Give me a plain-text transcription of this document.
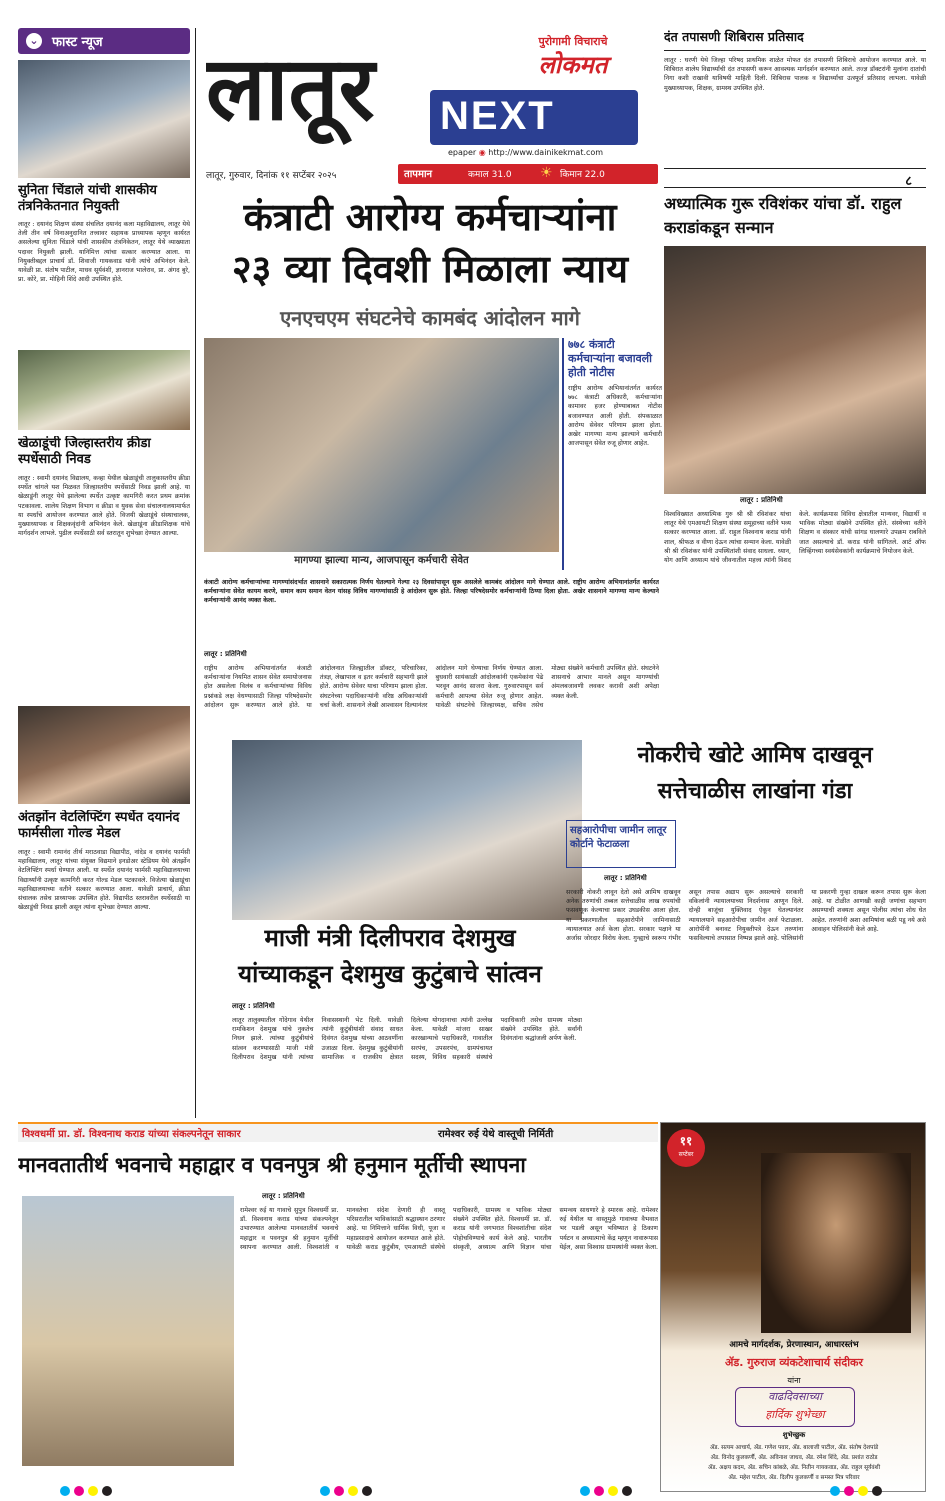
⌄ फास्ट न्यूज
सुनिता चिंडाले यांची शासकीय तंत्रनिकेतनात नियुक्ती
लातूर : दयानंद शिक्षण संस्था संचलित दयानंद कला महाविद्यालय, लातूर येथे तेली तीन वर्ष विनाअनुदानित तत्त्वावर सहायक प्राध्यापक म्हणून कार्यरत असलेल्या सुनिता चिंडाले यांची शासकीय तंत्रनिकेतन, लातूर येथे व्याख्याता पदावर नियुक्ती झाली. यानिमित्त त्यांचा सत्कार करण्यात आला. या नियुक्तीबद्दल प्राचार्य डॉ. शिवाजी गायकवाड यांनी त्यांचे अभिनंदन केले. यावेळी प्रा. संतोष पाटील, माधव सूर्यवंशी, ज्ञानराज भालेराव, प्रा. अंगद बुरे, प्रा. कोरे, प्रा. मोहिनी शिंदे आदी उपस्थित होते.
खेळाडूंची जिल्हास्तरीय क्रीडा स्पर्धेसाठी निवड
लातूर : स्वामी दयानंद विद्यालय, कव्हा येथील खेळाडूंची तालुकास्तरीय क्रीडा स्पर्धेत चांगले यश मिळवत जिल्हास्तरीय स्पर्धेसाठी निवड झाली आहे. या खेळाडूंनी लातूर येथे झालेल्या स्पर्धेत उत्कृष्ट कामगिरी करत प्रथम क्रमांक पटकावला. शालेय शिक्षण विभाग व क्रीडा व युवक सेवा संचालनालयामार्फत या स्पर्धांचे आयोजन करण्यात आले होते. विजयी खेळाडूंचे संस्थाचालक, मुख्याध्यापक व शिक्षकवृंदांनी अभिनंदन केले. खेळाडूंना क्रीडाशिक्षक यांचे मार्गदर्शन लाभले. पुढील स्पर्धेसाठी सर्व स्तरातून शुभेच्छा देण्यात आल्या.
अंतर्झोन वेटलिफ्टिंग स्पर्धेत दयानंद फार्मसीला गोल्ड मेडल
लातूर : स्वामी रामानंद तीर्थ मराठवाडा विद्यापीठ, नांदेड व दयानंद फार्मसी महाविद्यालय, लातूर यांच्या संयुक्त विद्यमाने इनडोअर स्टेडियम येथे अंतर्झोन वेटलिफ्टिंग स्पर्धा घेण्यात आली. या स्पर्धेत दयानंद फार्मसी महाविद्यालयाच्या विद्यार्थ्यांनी उत्कृष्ट कामगिरी करत गोल्ड मेडल पटकावले. विजेत्या खेळाडूंचा महाविद्यालयाच्या वतीने सत्कार करण्यात आला. यावेळी प्राचार्य, क्रीडा संचालक तसेच प्राध्यापक उपस्थित होते. विद्यापीठ स्तरावरील स्पर्धेसाठी या खेळाडूंची निवड झाली असून त्यांना शुभेच्छा देण्यात आल्या.
लातूर	पुरोगामी विचाराचे
लोकमत
NEXT
epaper ◉ http://www.dainikekmat.com
लातूर, गुरुवार, दिनांक ११ सप्टेंबर २०२५	तापमान	कमाल 31.0 ☀ किमान 22.0
दंत तपासणी शिबिरास प्रतिसाद
लातूर : घरणी येथे जिल्हा परिषद प्राथमिक शाळेत मोफत दंत तपासणी शिबिराचे आयोजन करण्यात आले. या शिबिरात शालेय विद्यार्थ्यांची दंत तपासणी करून आवश्यक मार्गदर्शन करण्यात आले. तज्ज्ञ डॉक्टरांनी मुलांना दातांची निगा कशी राखावी याविषयी माहिती दिली. शिबिरास पालक व विद्यार्थ्यांचा उत्स्फूर्त प्रतिसाद लाभला. यावेळी मुख्याध्यापक, शिक्षक, ग्रामस्थ उपस्थित होते.
८
कंत्राटी आरोग्य कर्मचाऱ्यांना
२३ व्या दिवशी मिळाला न्याय
एनएचएम संघटनेचे कामबंद आंदोलन मागे
मागण्या झाल्या मान्य, आजपासून कर्मचारी सेवेत
७७८ कंत्राटी कर्मचाऱ्यांना बजावली होती नोटीस
राष्ट्रीय आरोग्य अभियानांतर्गत कार्यरत ७७८ कंत्राटी अधिकारी, कर्मचाऱ्यांना कामावर हजर होण्याबाबत नोटीस बजावण्यात आली होती. संपकाळात आरोग्य सेवेवर परिणाम झाला होता. अखेर मागण्या मान्य झाल्याने कर्मचारी आजपासून सेवेत रुजू होणार आहेत.
कंत्राटी आरोग्य कर्मचाऱ्यांच्या मागण्यांसंदर्भात शासनाने सकारात्मक निर्णय घेतल्याने गेल्या २३ दिवसांपासून सुरू असलेले कामबंद आंदोलन मागे घेण्यात आले. राष्ट्रीय आरोग्य अभियानांतर्गत कार्यरत कर्मचाऱ्यांना सेवेत कायम करणे, समान काम समान वेतन यांसह विविध मागण्यांसाठी हे आंदोलन सुरू होते. जिल्हा परिषदेसमोर कर्मचाऱ्यांनी ठिय्या दिला होता. अखेर शासनाने मागण्या मान्य केल्याने कर्मचाऱ्यांनी आनंद व्यक्त केला.
लातूर : प्रतिनिधी
राष्ट्रीय आरोग्य अभियानांतर्गत कंत्राटी कर्मचाऱ्यांना नियमित शासन सेवेत समायोजनास होत असलेला विलंब व कर्मचाऱ्यांच्या विविध प्रश्नांकडे लक्ष वेधण्यासाठी जिल्हा परिषदेसमोर आंदोलन सुरू करण्यात आले होते. या आंदोलनात जिल्ह्यातील डॉक्टर, परिचारिका, तंत्रज्ञ, लेखापाल व इतर कर्मचारी सहभागी झाले होते. आरोग्य सेवेवर याचा परिणाम झाला होता. संघटनेच्या पदाधिकाऱ्यांनी वरिष्ठ अधिकाऱ्यांशी चर्चा केली. शासनाने लेखी आश्वासन दिल्यानंतर आंदोलन मागे घेण्याचा निर्णय घेण्यात आला. बुधवारी सायंकाळी आंदोलकांनी एकमेकांना पेढे भरवून आनंद साजरा केला. गुरुवारपासून सर्व कर्मचारी आपल्या सेवेत रुजू होणार आहेत. यावेळी संघटनेचे जिल्हाध्यक्ष, सचिव तसेच मोठ्या संख्येने कर्मचारी उपस्थित होते. संघटनेने शासनाचे आभार मानले असून मागण्यांची अंमलबजावणी लवकर करावी अशी अपेक्षा व्यक्त केली.
अध्यात्मिक गुरू रविशंकर यांचा डॉ. राहुल कराडांकडून सन्मान
लातूर : प्रतिनिधी
विश्वविख्यात अध्यात्मिक गुरु श्री श्री रविशंकर यांचा लातूर येथे एमआयटी शिक्षण संस्था समूहाच्या वतीने भव्य सत्कार करण्यात आला. डॉ. राहुल विश्वनाथ कराड यांनी शाल, श्रीफळ व वीणा देऊन त्यांचा सन्मान केला. यावेळी श्री श्री रविशंकर यांनी उपस्थितांशी संवाद साधला. ध्यान, योग आणि अध्यात्म यांचे जीवनातील महत्त्व त्यांनी विशद केले. कार्यक्रमास विविध क्षेत्रातील मान्यवर, विद्यार्थी व भाविक मोठ्या संख्येने उपस्थित होते. संस्थेच्या वतीने शिक्षण व संस्कार यांची सांगड घालणारे उपक्रम राबविले जात असल्याचे डॉ. कराड यांनी सांगितले. आर्ट ऑफ लिव्हिंगच्या स्वयंसेवकांनी कार्यक्रमाचे नियोजन केले.
माजी मंत्री दिलीपराव देशमुख
यांच्याकडून देशमुख कुटुंबाचे सांत्वन
लातूर : प्रतिनिधी
लातूर तालुक्यातील गोंदेगाव येथील रामकिशन देशमुख यांचे नुकतेच निधन झाले. त्यांच्या कुटुंबीयांचे सांत्वन करण्यासाठी माजी मंत्री दिलीपराव देशमुख यांनी त्यांच्या निवासस्थानी भेट दिली. यावेळी त्यांनी कुटुंबीयांशी संवाद साधत दिवंगत देशमुख यांच्या आठवणींना उजाळा दिला. देशमुख कुटुंबीयांनी सामाजिक व राजकीय क्षेत्रात दिलेल्या योगदानाचा त्यांनी उल्लेख केला. यावेळी मांजरा साखर कारखान्याचे पदाधिकारी, गावातील सरपंच, उपसरपंच, ग्रामपंचायत सदस्य, विविध सहकारी संस्थांचे पदाधिकारी तसेच ग्रामस्थ मोठ्या संख्येने उपस्थित होते. सर्वांनी दिवंगतांना श्रद्धांजली अर्पण केली.
नोकरीचे खोटे आमिष दाखवून
सत्तेचाळीस लाखांना गंडा
सहआरोपीचा जामीन लातूर कोर्टाने फेटाळला
लातूर : प्रतिनिधी
सरकारी नोकरी लावून देतो असे आमिष दाखवून अनेक तरुणांची तब्बल सत्तेचाळीस लाख रुपयांची फसवणूक केल्याचा प्रकार उघडकीस आला होता. या प्रकरणातील सहआरोपीने जामिनासाठी न्यायालयात अर्ज केला होता. सरकार पक्षाने या अर्जास जोरदार विरोध केला. गुन्ह्याचे स्वरूप गंभीर असून तपास अद्याप सुरू असल्याचे सरकारी वकिलांनी न्यायालयाच्या निदर्शनास आणून दिले. दोन्ही बाजूंचा युक्तिवाद ऐकून घेतल्यानंतर न्यायालयाने सहआरोपीचा जामीन अर्ज फेटाळला. आरोपींनी बनावट नियुक्तीपत्रे देऊन तरुणांना फसविल्याचे तपासात निष्पन्न झाले आहे. पोलिसांनी या प्रकरणी गुन्हा दाखल करून तपास सुरू केला आहे. या टोळीत आणखी काही जणांचा सहभाग असण्याची शक्यता असून पोलीस त्यांचा शोध घेत आहेत. तरुणांनी अशा आमिषांना बळी पडू नये असे आवाहन पोलिसांनी केले आहे.
विश्वधर्मी प्रा. डॉ. विश्वनाथ कराड यांच्या संकल्पनेतून साकार	रामेश्वर रुई येथे वास्तूची निर्मिती
मानवतातीर्थ भवनाचे महाद्वार व पवनपुत्र श्री हनुमान मूर्तीची स्थापना
लातूर : प्रतिनिधी
रामेश्वर रुई या गावाचे सुपुत्र विश्वधर्मी प्रा. डॉ. विश्वनाथ कराड यांच्या संकल्पनेतून उभारण्यात आलेल्या मानवतातीर्थ भवनाचे महाद्वार व पवनपुत्र श्री हनुमान मूर्तीची स्थापना करण्यात आली. विश्वशांती व मानवतेचा संदेश देणारी ही वास्तू परिसरातील भाविकांसाठी श्रद्धास्थान ठरणार आहे. या निमित्ताने धार्मिक विधी, पूजा व महाप्रसादाचे आयोजन करण्यात आले होते. यावेळी कराड कुटुंबीय, एमआयटी संस्थेचे पदाधिकारी, ग्रामस्थ व भाविक मोठ्या संख्येने उपस्थित होते. विश्वधर्मी प्रा. डॉ. कराड यांनी जगभरात विश्वशांतीचा संदेश पोहोचविण्याचे कार्य केले आहे. भारतीय संस्कृती, अध्यात्म आणि विज्ञान यांचा समन्वय साधणारे हे स्मारक आहे. रामेश्वर रुई येथील या वास्तूमुळे गावाच्या वैभवात भर पडली असून भविष्यात हे ठिकाण पर्यटन व अध्यात्माचे केंद्र म्हणून नावारूपास येईल, असा विश्वास ग्रामस्थांनी व्यक्त केला.
११
सप्टेंबर
आमचे मार्गदर्शक, प्रेरणास्थान, आधारस्तंभ
ॲड. गुरुराज व्यंकटेशाचार्य संदीकर
यांना
वाढदिवसाच्या
हार्दिक शुभेच्छा
शुभेच्छुक
ॲड. सत्यम आचार्य, ॲड. गणेश पवार, ॲड. बालाजी पाटील, ॲड. संतोष देशपांडे
ॲड. विनोद कुलकर्णी, ॲड. अविनाश जाधव, ॲड. रमेश शिंदे, ॲड. प्रशांत राठोड
ॲड. अक्षय कदम, ॲड. सचिन कांबळे, ॲड. नितीन गायकवाड, ॲड. राहुल सूर्यवंशी
ॲड. महेश पाटील, ॲड. दिलीप कुलकर्णी व समस्त मित्र परिवार
